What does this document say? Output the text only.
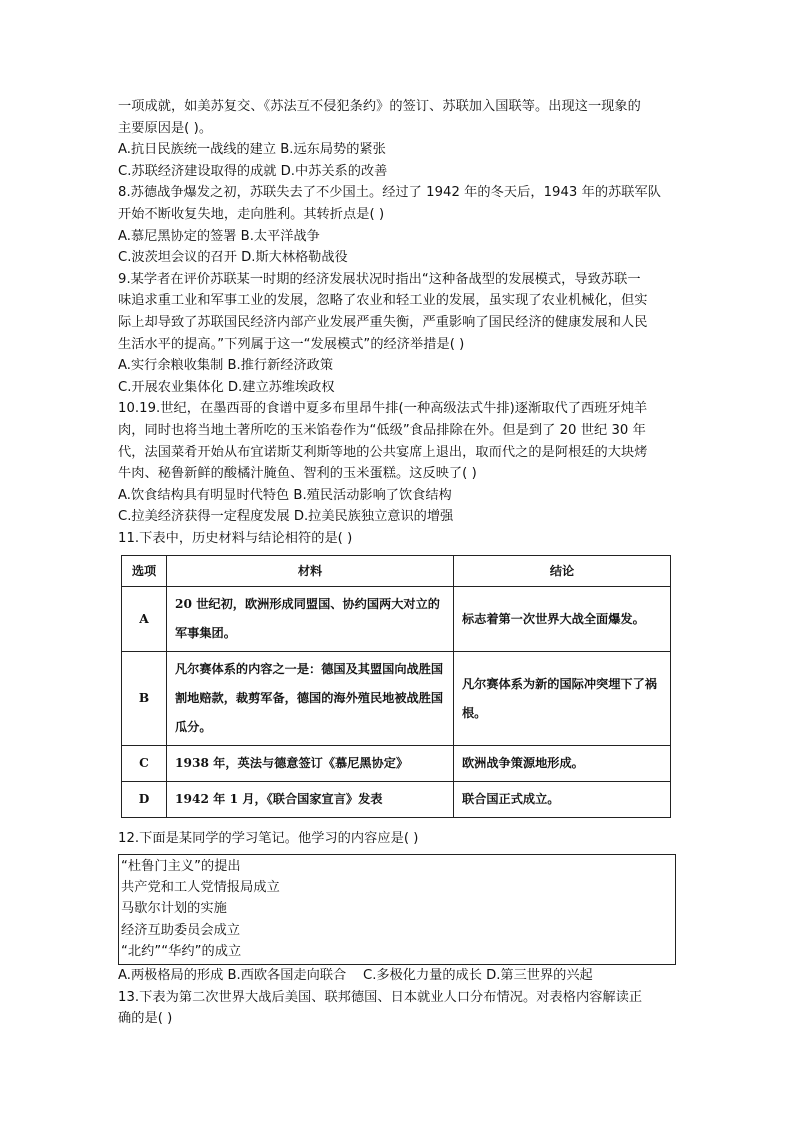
一项成就，如美苏复交、《苏法互不侵犯条约》的签订、苏联加入国联等。出现这一现象的
主要原因是( )。
A.抗日民族统一战线的建立 B.远东局势的紧张
C.苏联经济建设取得的成就 D.中苏关系的改善
8.苏德战争爆发之初，苏联失去了不少国土。经过了 1942 年的冬天后，1943 年的苏联军队
开始不断收复失地，走向胜利。其转折点是( )
A.慕尼黑协定的签署 B.太平洋战争
C.波茨坦会议的召开 D.斯大林格勒战役
9.某学者在评价苏联某一时期的经济发展状况时指出“这种备战型的发展模式，导致苏联一
味追求重工业和军事工业的发展，忽略了农业和轻工业的发展，虽实现了农业机械化，但实
际上却导致了苏联国民经济内部产业发展严重失衡，严重影响了国民经济的健康发展和人民
生活水平的提高。”下列属于这一“发展模式”的经济举措是( )
A.实行余粮收集制 B.推行新经济政策
C.开展农业集体化 D.建立苏维埃政权
10.19.世纪，在墨西哥的食谱中夏多布里昂牛排(一种高级法式牛排)逐渐取代了西班牙炖羊
肉，同时也将当地土著所吃的玉米馅卷作为“低级”食品排除在外。但是到了 20 世纪 30 年
代，法国菜肴开始从布宜诺斯艾利斯等地的公共宴席上退出，取而代之的是阿根廷的大块烤
牛肉、秘鲁新鲜的酸橘汁腌鱼、智利的玉米蛋糕。这反映了( )
A.饮食结构具有明显时代特色 B.殖民活动影响了饮食结构
C.拉美经济获得一定程度发展 D.拉美民族独立意识的增强
11.下表中，历史材料与结论相符的是( )
选项	材料	结论
A	20 世纪初，欧洲形成同盟国、协约国两大对立的军事集团。	标志着第一次世界大战全面爆发。
B	凡尔赛体系的内容之一是：德国及其盟国向战胜国割地赔款，裁剪军备，德国的海外殖民地被战胜国瓜分。	凡尔赛体系为新的国际冲突埋下了祸根。
C	1938 年，英法与德意签订《慕尼黑协定》	欧洲战争策源地形成。
D	1942 年 1 月，《联合国家宣言》发表	联合国正式成立。
12.下面是某同学的学习笔记。他学习的内容应是( )
“杜鲁门主义”的提出
共产党和工人党情报局成立
马歇尔计划的实施
经济互助委员会成立
“北约”“华约”的成立
A.两极格局的形成 B.西欧各国走向联合    C.多极化力量的成长 D.第三世界的兴起
13.下表为第二次世界大战后美国、联邦德国、日本就业人口分布情况。对表格内容解读正
确的是( )
